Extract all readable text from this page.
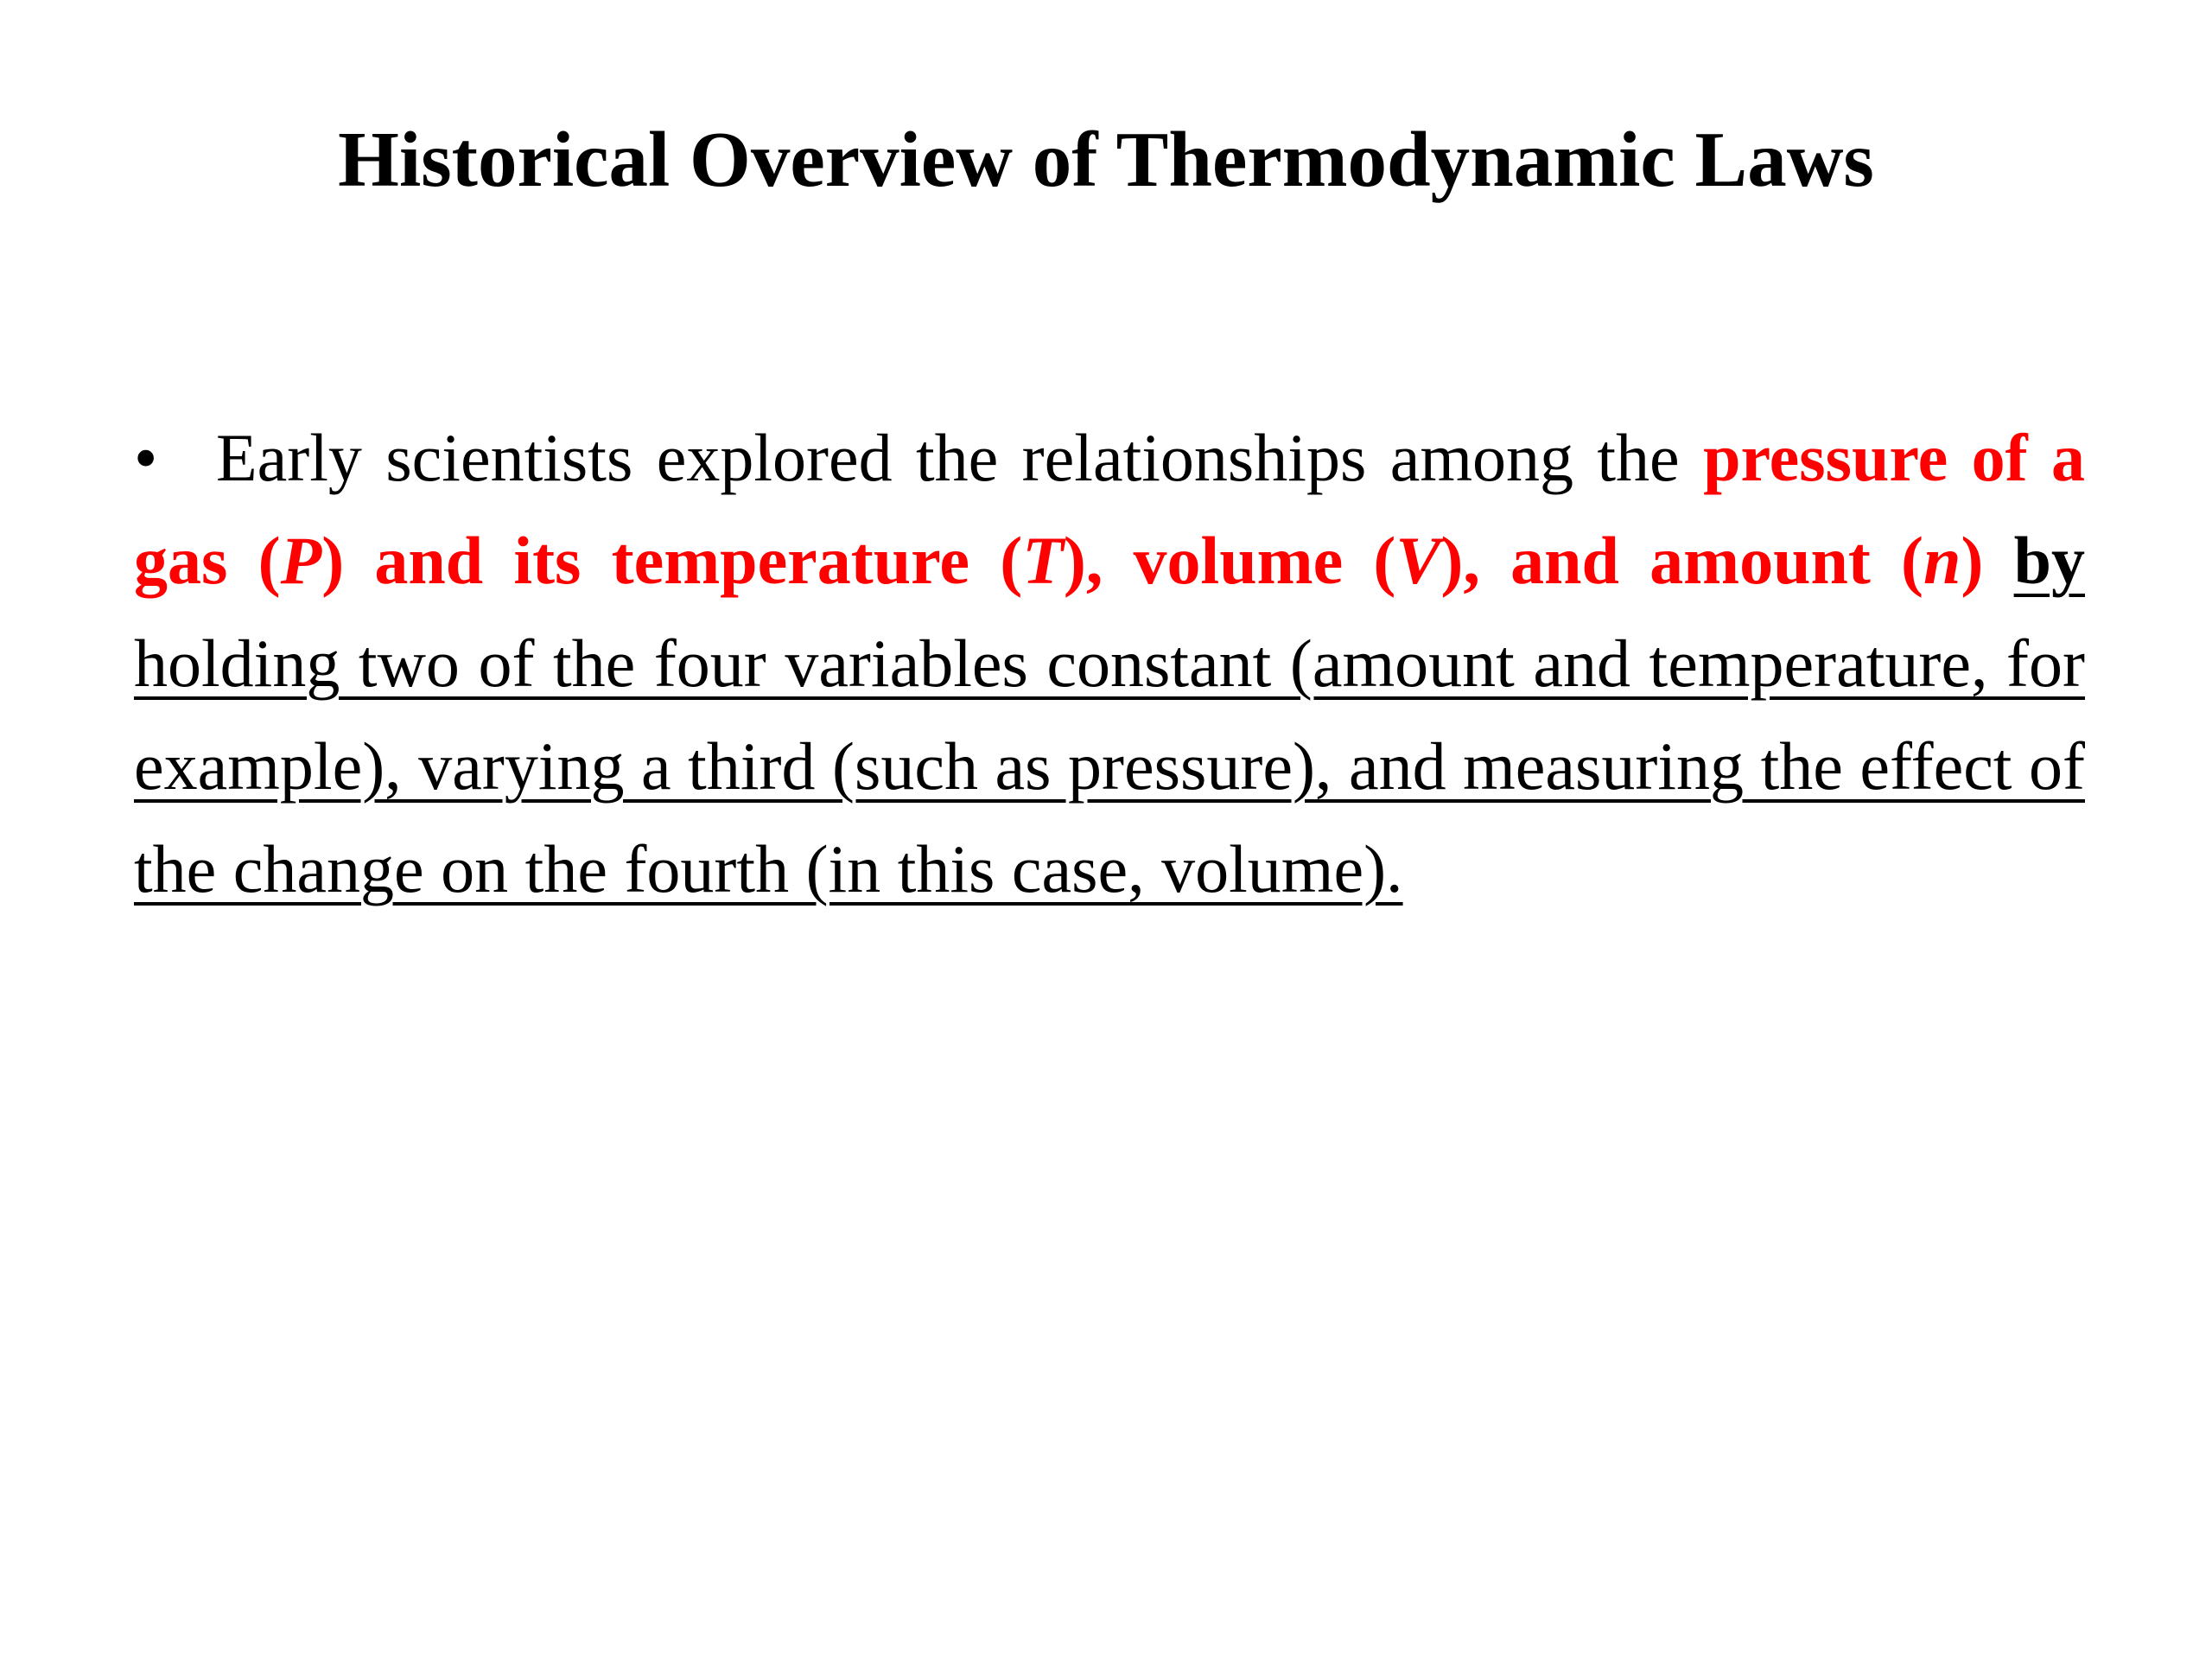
Historical Overview of Thermodynamic Laws
• Early scientists explored the relationships among the pressure of a gas (P) and its temperature (T), volume (V), and amount (n) by holding two of the four variables constant (amount and temperature, for example), varying a third (such as pressure), and measuring the effect of the change on the fourth (in this case, volume).
